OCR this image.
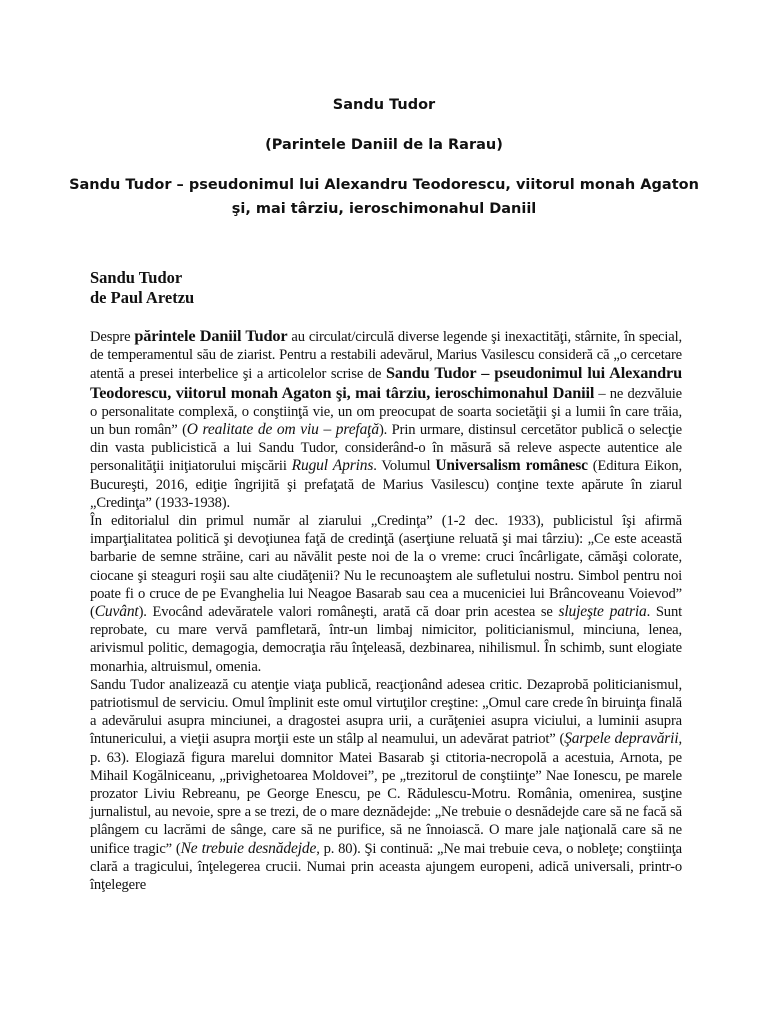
Sandu Tudor
(Parintele Daniil de la Rarau)
Sandu Tudor – pseudonimul lui Alexandru Teodorescu, viitorul monah Agaton şi, mai târziu, ieroschimonahul Daniil
Sandu Tudor
de Paul Aretzu

Despre părintele Daniil Tudor au circulat/circulă diverse legende şi inexactităţi, stârnite, în special, de temperamentul său de ziarist. Pentru a restabili adevărul, Marius Vasilescu consideră că „o cercetare atentă a presei interbelice şi a articolelor scrise de Sandu Tudor – pseudonimul lui Alexandru Teodorescu, viitorul monah Agaton şi, mai târziu, ieroschimonahul Daniil – ne dezvăluie o personalitate complexă, o conştiinţă vie, un om preocupat de soarta societăţii şi a lumii în care trăia, un bun român” (O realitate de om viu – prefaţă). Prin urmare, distinsul cercetător publică o selecţie din vasta publicistică a lui Sandu Tudor, considerând-o în măsură să releve aspecte autentice ale personalităţii iniţiatorului mişcării Rugul Aprins. Volumul Universalism românesc (Editura Eikon, Bucureşti, 2016, ediţie îngrijită şi prefaţată de Marius Vasilescu) conţine texte apărute în ziarul „Credinţa” (1933-1938).

În editorialul din primul număr al ziarului „Credinţa” (1-2 dec. 1933), publicistul îşi afirmă imparţialitatea politică şi devoţiunea faţă de credinţă (aserţiune reluată şi mai târziu): „Ce este această barbarie de semne străine, cari au năvălit peste noi de la o vreme: cruci încârligate, cămăşi colorate, ciocane şi steaguri roşii sau alte ciudăţenii? Nu le recunoaştem ale sufletului nostru. Simbol pentru noi poate fi o cruce de pe Evanghelia lui Neagoe Basarab sau cea a muceniciei lui Brâncoveanu Voievod” (Cuvânt). Evocând adevăratele valori româneşti, arată că doar prin acestea se slujeşte patria. Sunt reprobate, cu mare vervă pamfletară, într-un limbaj nimicitor, politicianismul, minciuna, lenea, arivismul politic, demagogia, democraţia rău înţeleasă, dezbinarea, nihilismul. În schimb, sunt elogiate monarhia, altruismul, omenia.

Sandu Tudor analizează cu atenţie viaţa publică, reacţionând adesea critic. Dezaprobă politicianismul, patriotismul de serviciu. Omul împlinit este omul virtuţilor creştine: „Omul care crede în biruinţa finală a adevărului asupra minciunei, a dragostei asupra urii, a curăţeniei asupra viciului, a luminii asupra întunericului, a vieţii asupra morţii este un stâlp al neamului, un adevărat patriot” (Şarpele depravării, p. 63). Elogiază figura marelui domnitor Matei Basarab şi ctitoria-necropolă a acestuia, Arnota, pe Mihail Kogălniceanu, „privighetoarea Moldovei”, pe „trezitorul de conştiinţe” Nae Ionescu, pe marele prozator Liviu Rebreanu, pe George Enescu, pe C. Rădulescu-Motru. România, omenirea, susţine jurnalistul, au nevoie, spre a se trezi, de o mare deznădejde: „Ne trebuie o desnădejde care să ne facă să plângem cu lacrămi de sânge, care să ne purifice, să ne înnoiască. O mare jale naţională care să ne unifice tragic” (Ne trebuie desnădejde, p. 80). Şi continuă: „Ne mai trebuie ceva, o nobleţe; conştiinţa clară a tragicului, înţelegerea crucii. Numai prin aceasta ajungem europeni, adică universali, printr-o înţelegere
